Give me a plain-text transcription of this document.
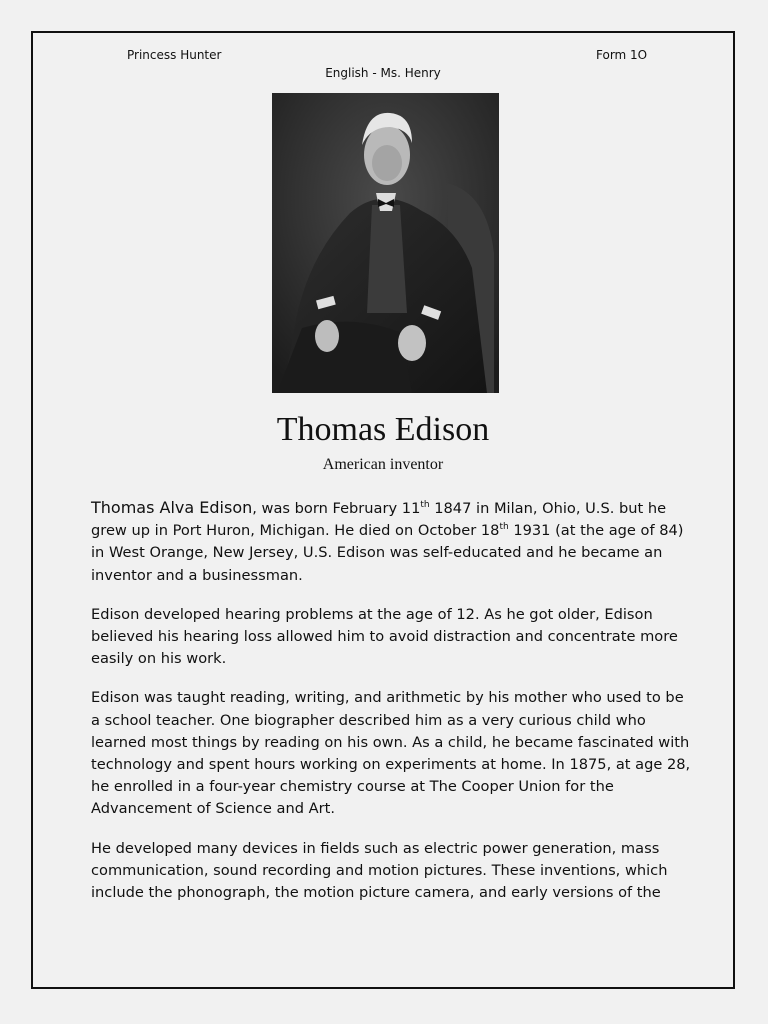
Princess Hunter	Form 1O
English - Ms. Henry
Thomas Edison
American inventor

Thomas Alva Edison, was born February 11th 1847 in Milan, Ohio, U.S. but he grew up in Port Huron, Michigan. He died on October 18th 1931 (at the age of 84) in West Orange, New Jersey, U.S. Edison was self-educated and he became an inventor and a businessman.

Edison developed hearing problems at the age of 12. As he got older, Edison believed his hearing loss allowed him to avoid distraction and concentrate more easily on his work.

Edison was taught reading, writing, and arithmetic by his mother who used to be a school teacher. One biographer described him as a very curious child who learned most things by reading on his own. As a child, he became fascinated with technology and spent hours working on experiments at home. In 1875, at age 28, he enrolled in a four-year chemistry course at The Cooper Union for the Advancement of Science and Art.

He developed many devices in fields such as electric power generation, mass communication, sound recording and motion pictures. These inventions, which include the phonograph, the motion picture camera, and early versions of the
